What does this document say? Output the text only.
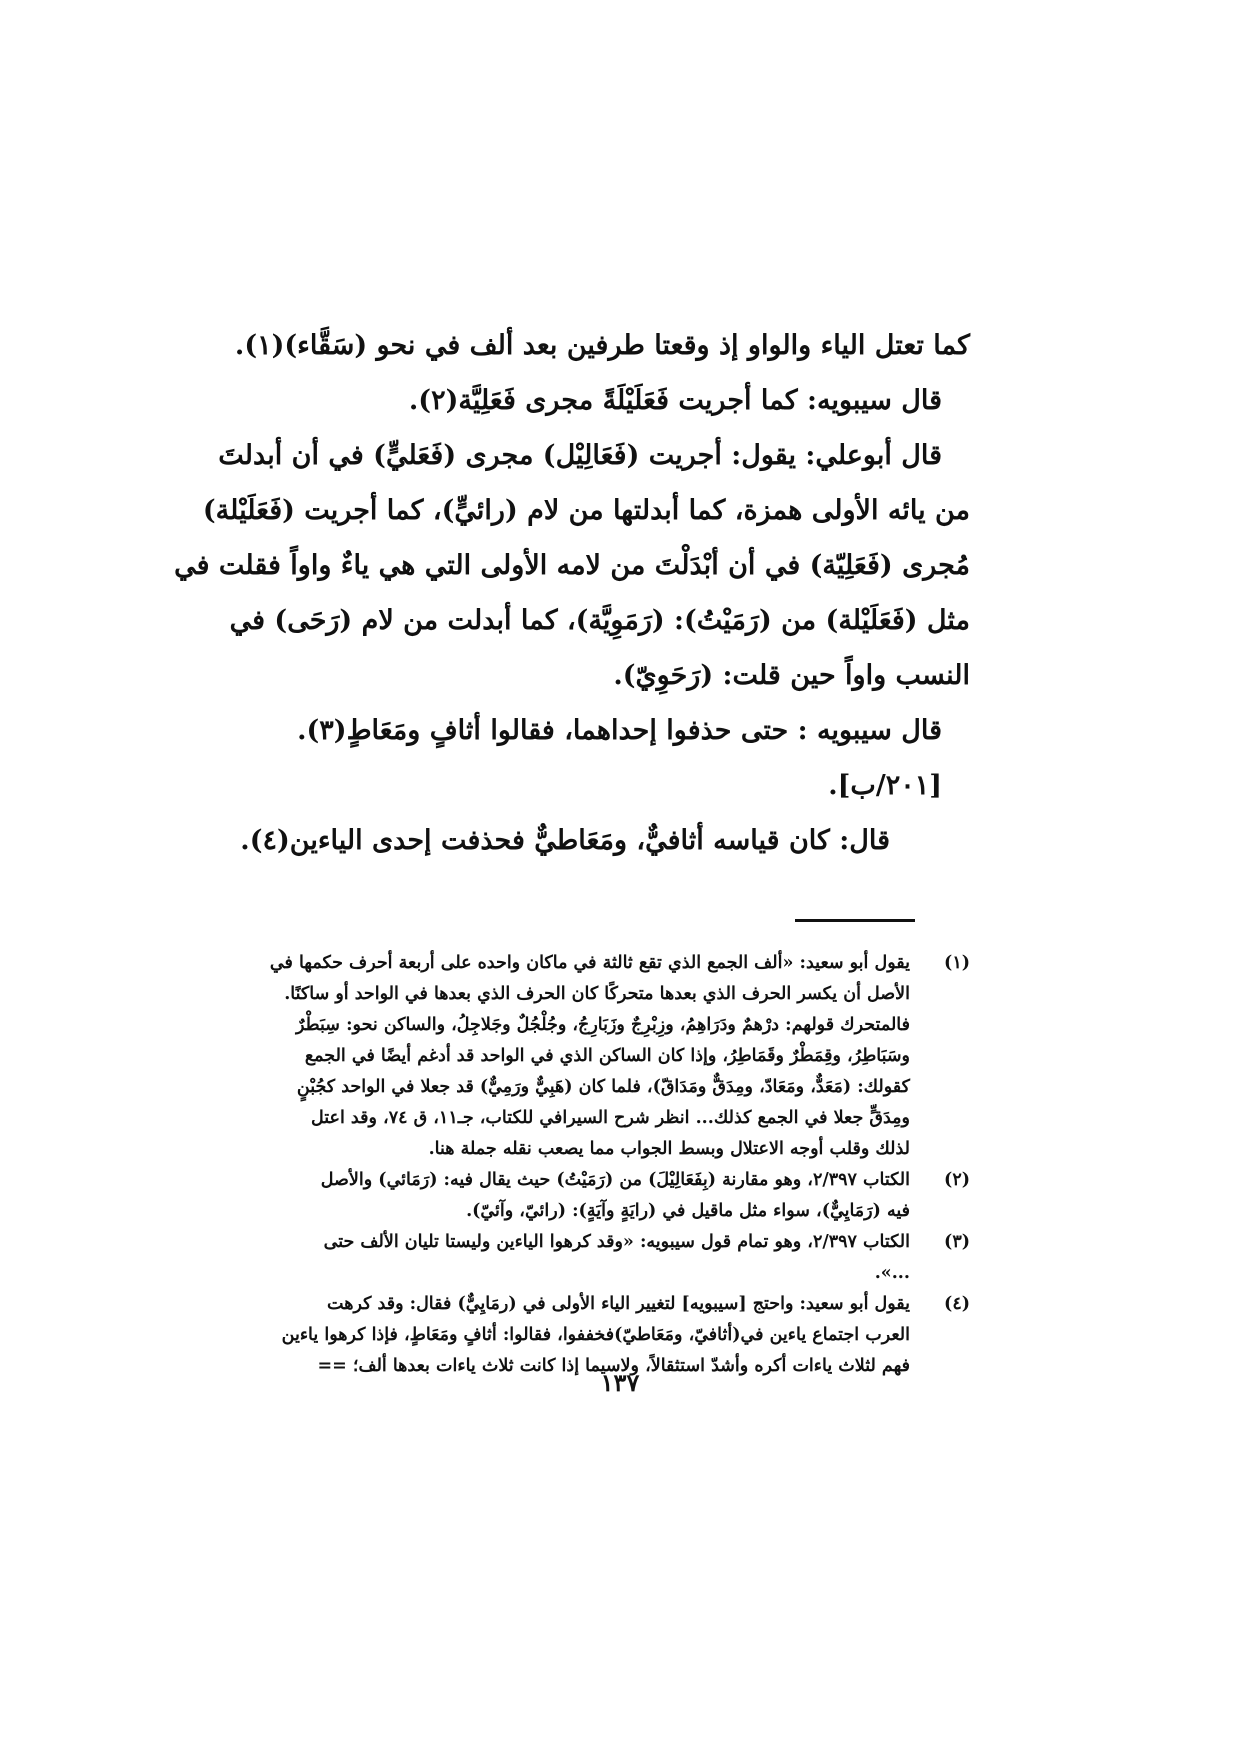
كما تعتل الياء والواو إذ وقعتا طرفين بعد ألف في نحو (سَقَّاء)(١).
قال سيبويه: كما أجريت فَعَلَيْلَةً مجرى فَعَلِيَّة(٢).
قال أبوعلي: يقول: أجريت (فَعَالِيْل) مجرى (فَعَليٍّ) في أن أبدلتَ
من يائه الأولى همزة، كما أبدلتها من لام (رائيٍّ)، كما أجريت (فَعَلَيْلة)
مُجرى (فَعَلِيّة) في أن أبْدَلْتَ من لامه الأولى التي هي ياءٌ واواً فقلت في
مثل (فَعَلَيْلة) من (رَمَيْتُ): (رَمَوِيَّة)، كما أبدلت من لام (رَحَى) في
النسب واواً حين قلت: (رَحَوِيّ).
قال سيبويه : حتى حذفوا إحداهما، فقالوا أثافٍ ومَعَاطٍ(٣).
[٢٠١/ب].
قال: كان قياسه أثافيٌّ، ومَعَاطيٌّ فحذفت إحدى الياءين(٤).
(١)
يقول أبو سعيد: «ألف الجمع الذي تقع ثالثة في ماكان واحده على أربعة أحرف حكمها في
الأصل أن يكسر الحرف الذي بعدها متحركًا كان الحرف الذي بعدها في الواحد أو ساكنًا.
فالمتحرك قولهم: درْهمٌ ودَرَاهِمُ، وزِبْرِجٌ وزَبَارِجُ، وجُلْجُلٌ وجَلاجِلُ، والساكن نحو: سِبَطْرٌ
وسَبَاطِرُ، وقِمَطْرٌ وقَمَاطِرُ، وإذا كان الساكن الذي في الواحد قد أدغم أيضًا في الجمع
كقولك: (مَعَدٌّ، ومَعَادّ، ومِدَقٌّ ومَدَاقّ)، فلما كان (هَبِيٌّ ورَمِيٌّ) قد جعلا في الواحد كجُبْنٍ
ومِدَقٍّ جعلا في الجمع كذلك... انظر شرح السيرافي للكتاب، جـ١١، ق ٧٤، وقد اعتل
لذلك وقلب أوجه الاعتلال وبسط الجواب مما يصعب نقله جملة هنا.
(٢)
الكتاب ٢/٣٩٧، وهو مقارنة (بِفَعَالِيْلَ) من (رَمَيْتُ) حيث يقال فيه: (رَمَائي) والأصل
فيه (رَمَايِيٌّ)، سواء مثل ماقيل في (رايَةٍ وآيَةٍ): (رائيّ، وآئيّ).
(٣)
الكتاب ٢/٣٩٧، وهو تمام قول سيبويه: «وقد كرهوا الياءين وليستا تليان الألف حتى
...».
(٤)
يقول أبو سعيد: واحتج [سيبويه] لتغيير الياء الأولى في (رمَايِيٌّ) فقال: وقد كرهت
العرب اجتماع ياءين في(أثافيّ، ومَعَاطيّ)فخففوا، فقالوا: أثافٍ ومَعَاطٍ، فإذا كرهوا ياءين
فهم لثلاث ياءات أكره وأشدّ استثقالاً، ولاسيما إذا كانت ثلاث ياءات بعدها ألف؛ ==
١٣٧
